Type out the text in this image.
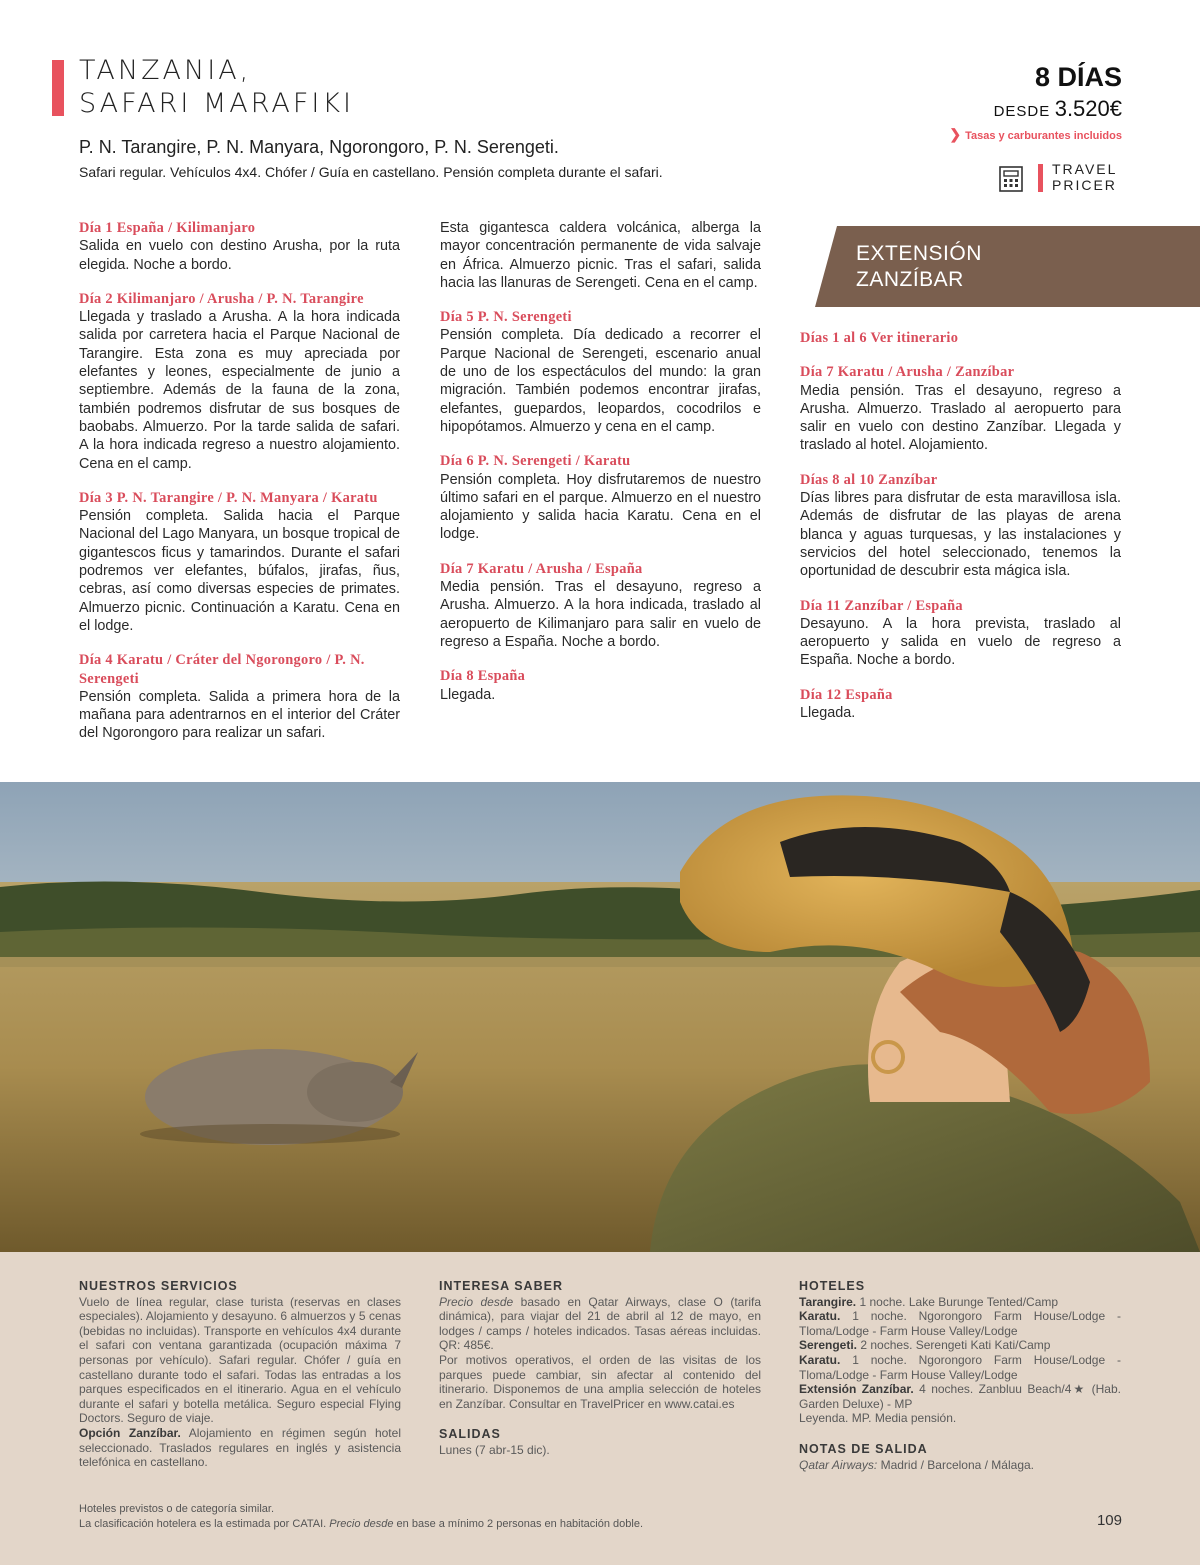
TANZANIA,
SAFARI MARAFIKI
P. N. Tarangire, P. N. Manyara, Ngorongoro, P. N. Serengeti.
Safari regular. Vehículos 4x4. Chófer / Guía en castellano. Pensión completa durante el safari.
8 DÍAS
DESDE 3.520€
❯ Tasas y carburantes incluidos
TRAVEL
PRICER
Día 1 España / Kilimanjaro

Salida en vuelo con destino Arusha, por la ruta elegida. Noche a bordo.

Día 2 Kilimanjaro / Arusha / P. N. Tarangire

Llegada y traslado a Arusha. A la hora indicada salida por carretera hacia el Parque Nacional de Tarangire. Esta zona es muy apreciada por elefantes y leones, especialmente de junio a septiembre. Además de la fauna de la zona, también podremos disfrutar de sus bosques de baobabs. Almuerzo. Por la tarde salida de safari. A la hora indicada regreso a nuestro alojamiento. Cena en el camp.

Día 3 P. N. Tarangire / P. N. Manyara / Karatu

Pensión completa. Salida hacia el Parque Nacional del Lago Manyara, un bosque tropical de gigantescos ficus y tamarindos. Durante el safari podremos ver elefantes, búfalos, jirafas, ñus, cebras, así como diversas especies de primates. Almuerzo picnic. Continuación a Karatu. Cena en el lodge.

Día 4 Karatu / Cráter del Ngorongoro / P. N. Serengeti

Pensión completa. Salida a primera hora de la mañana para adentrarnos en el interior del Cráter del Ngorongoro para realizar un safari.

Esta gigantesca caldera volcánica, alberga la mayor concentración permanente de vida salvaje en África. Almuerzo picnic. Tras el safari, salida hacia las llanuras de Serengeti. Cena en el camp.

Día 5 P. N. Serengeti

Pensión completa. Día dedicado a recorrer el Parque Nacional de Serengeti, escenario anual de uno de los espectáculos del mundo: la gran migración. También podemos encontrar jirafas, elefantes, guepardos, leopardos, cocodrilos e hipopótamos. Almuerzo y cena en el camp.

Día 6 P. N. Serengeti / Karatu

Pensión completa. Hoy disfrutaremos de nuestro último safari en el parque. Almuerzo en el nuestro alojamiento y salida hacia Karatu. Cena en el lodge.

Día 7 Karatu / Arusha / España

Media pensión. Tras el desayuno, regreso a Arusha. Almuerzo. A la hora indicada, traslado al aeropuerto de Kilimanjaro para salir en vuelo de regreso a España. Noche a bordo.

Día 8 España

Llegada.

EXTENSIÓN
ZANZÍBAR
Días 1 al 6 Ver itinerario
Día 7 Karatu / Arusha / Zanzíbar

Media pensión. Tras el desayuno, regreso a Arusha. Almuerzo. Traslado al aeropuerto para salir en vuelo con destino Zanzíbar. Llegada y traslado al hotel. Alojamiento.

Días 8 al 10 Zanzíbar

Días libres para disfrutar de esta maravillosa isla. Además de disfrutar de las playas de arena blanca y aguas turquesas, y las instalaciones y servicios del hotel seleccionado, tenemos la oportunidad de descubrir esta mágica isla.

Día 11 Zanzíbar / España

Desayuno. A la hora prevista, traslado al aeropuerto y salida en vuelo de regreso a España. Noche a bordo.

Día 12 España

Llegada.

NUESTROS SERVICIOS

Vuelo de línea regular, clase turista (reservas en clases especiales). Alojamiento y desayuno. 6 almuerzos y 5 cenas (bebidas no incluidas). Transporte en vehículos 4x4 durante el safari con ventana garantizada (ocupación máxima 7 personas por vehículo). Safari regular. Chófer / guía en castellano durante todo el safari. Todas las entradas a los parques especificados en el itinerario. Agua en el vehículo durante el safari y botella metálica. Seguro especial Flying Doctors. Seguro de viaje.

Opción Zanzíbar. Alojamiento en régimen según hotel seleccionado. Traslados regulares en inglés y asistencia telefónica en castellano.

INTERESA SABER

Precio desde basado en Qatar Airways, clase O (tarifa dinámica), para viajar del 21 de abril al 12 de mayo, en lodges / camps / hoteles indicados. Tasas aéreas incluidas. QR: 485€.

Por motivos operativos, el orden de las visitas de los parques puede cambiar, sin afectar al contenido del itinerario. Disponemos de una amplia selección de hoteles en Zanzíbar. Consultar en TravelPricer en www.catai.es

SALIDAS

Lunes (7 abr-15 dic).

HOTELES

Tarangire. 1 noche. Lake Burunge Tented/Camp

Karatu. 1 noche. Ngorongoro Farm House/Lodge - Tloma/Lodge - Farm House Valley/Lodge

Serengeti. 2 noches. Serengeti Kati Kati/Camp

Karatu. 1 noche. Ngorongoro Farm House/Lodge - Tloma/Lodge - Farm House Valley/Lodge

Extensión Zanzíbar. 4 noches. Zanbluu Beach/4★ (Hab. Garden Deluxe) - MP

Leyenda. MP. Media pensión.

NOTAS DE SALIDA

Qatar Airways: Madrid / Barcelona / Málaga.

Hoteles previstos o de categoría similar.
La clasificación hotelera es la estimada por CATAI. Precio desde en base a mínimo 2 personas en habitación doble.	109
